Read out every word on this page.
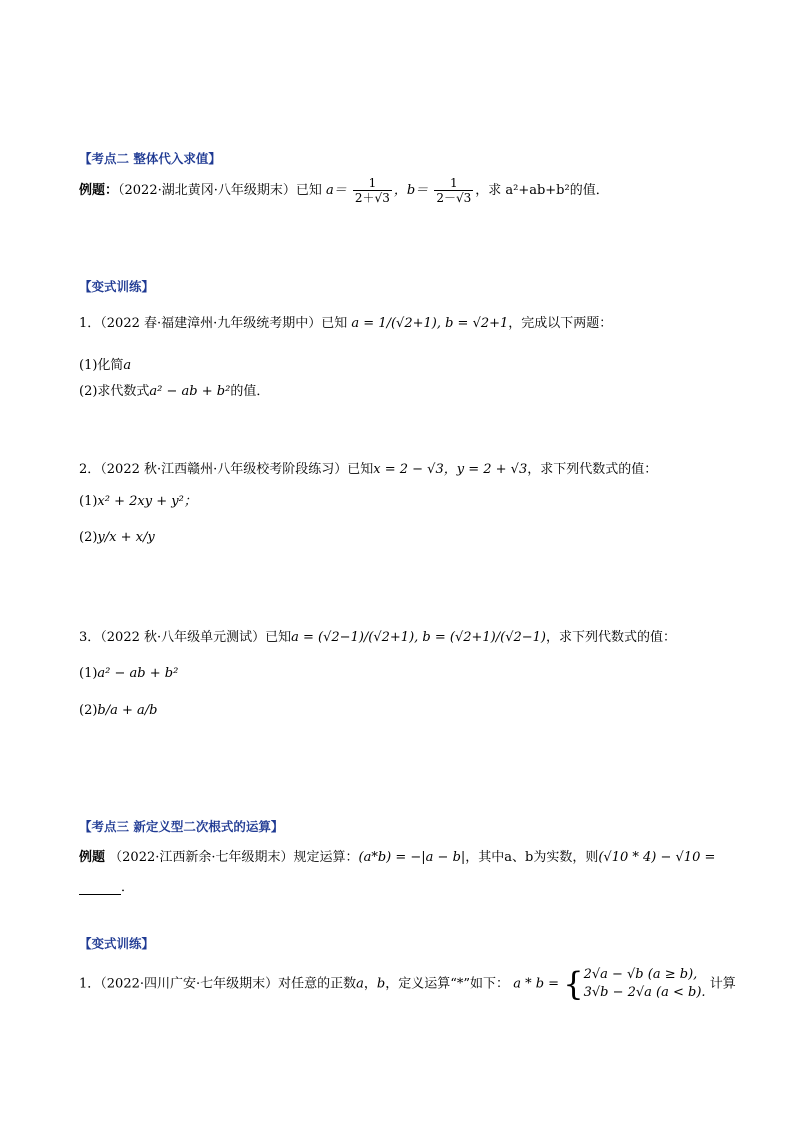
【考点二 整体代入求值】
例题：（2022·湖北黄冈·八年级期末）已知 $a= \frac{1}{2+√3}$ ，$b= \frac{1}{2-√3}$ ，求 a²+ab+b²的值．
【变式训练】
1．（2022 春·福建漳州·九年级统考期中）已知 a = 1/(√2+1), b = √2+1，完成以下两题：
(1)化简a
(2)求代数式a² − ab + b²的值．
2．（2022 秋·江西赣州·八年级校考阶段练习）已知x = 2 − √3，y = 2 + √3，求下列代数式的值：
(1)x² + 2xy + y²；
(2)y/x + x/y
3．（2022 秋·八年级单元测试）已知a = (√2−1)/(√2+1), b = (√2+1)/(√2−1)，求下列代数式的值：
(1)a² − ab + b²
(2)b/a + a/b
【考点三 新定义型二次根式的运算】
例题 （2022·江西新余·七年级期末）规定运算：(a*b) = −|a − b|，其中a、b为实数，则(√10 * 4) − √10 =
．
【变式训练】
1．（2022·四川广安·七年级期末）对任意的正数a，b，定义运算“*”如下： a * b = { 2√a − √b (a ≥ b),
3√b − 2√a (a < b).
计算
